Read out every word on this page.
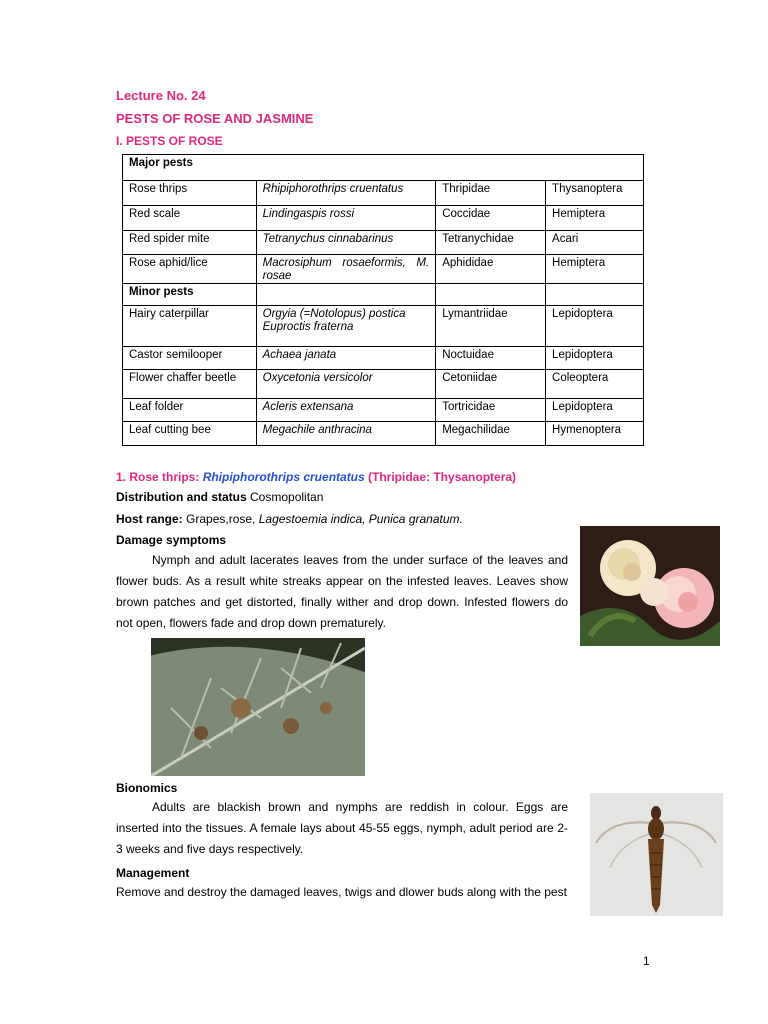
Lecture No. 24
PESTS OF ROSE AND JASMINE
I. PESTS OF ROSE
Major pests			
Rose thrips	Rhipiphorothrips cruentatus	Thripidae	Thysanoptera
Red scale	Lindingaspis rossi	Coccidae	Hemiptera
Red spider mite	Tetranychus cinnabarinus	Tetranychidae	Acari
Rose aphid/lice	Macrosiphum rosaeformis, M. rosae	Aphididae	Hemiptera
Minor pests			
Hairy caterpillar	Orgyia (=Notolopus) postica Euproctis fraterna	Lymantriidae	Lepidoptera
Castor semilooper	Achaea janata	Noctuidae	Lepidoptera
Flower chaffer beetle	Oxycetonia versicolor	Cetoniidae	Coleoptera
Leaf folder	Acleris extensana	Tortricidae	Lepidoptera
Leaf cutting bee	Megachile anthracina	Megachilidae	Hymenoptera
1. Rose thrips: Rhipiphorothrips cruentatus (Thripidae: Thysanoptera)
Distribution and status Cosmopolitan
Host range: Grapes,rose, Lagestoemia indica, Punica granatum.
Damage symptoms
Nymph and adult lacerates leaves from the under surface of the leaves and flower buds. As a result white streaks appear on the infested leaves. Leaves show brown patches and get distorted, finally wither and drop down. Infested flowers do not open, flowers fade and drop down prematurely.
Bionomics
Adults are blackish brown and nymphs are reddish in colour. Eggs are inserted into the tissues. A female lays about 45-55 eggs, nymph, adult period are 2-3 weeks and five days respectively.
Management
Remove and destroy the damaged leaves, twigs and dlower buds along with the pest
1
